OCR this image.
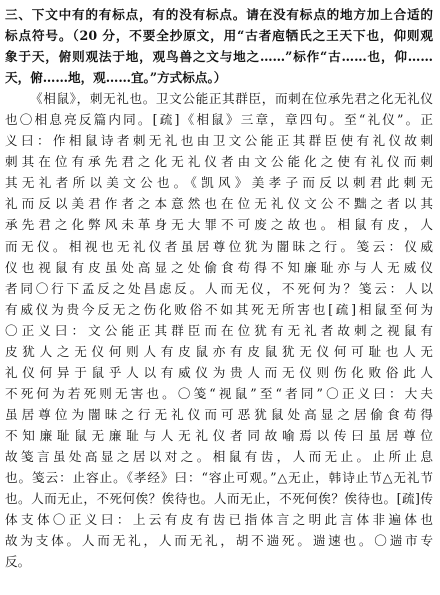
三、下文中有的有标点，有的没有标点。请在没有标点的地方加上合适的
标点符号。（20 分，不要全抄原文，用“古者庖牺氏之王天下也，仰则观
象于天，俯则观法于地，观鸟兽之文与地之……”标作“古……也，仰……
天，俯……地，观……宜。”方式标点。）
《相鼠》，刺无礼也。卫文公能正其群臣，而刺在位承先君之化无礼仪
也〇相息亮反篇内同。[疏]《相鼠》三章，章四句。至“礼仪”。正
义曰：作相鼠诗者刺无礼也由卫文公能正其群臣使有礼仪故刺
刺其在位有承先君之化无礼仪者由文公能化之使有礼仪而刺
其无礼者所以美文公也。《凯风》美孝子而反以刺君此刺无
礼而反以美君作者之本意然也在位无礼仪文公不黜之者以其
承先君之化弊风未革身无大罪不可废之故也。相鼠有皮，人
而无仪。相视也无礼仪者虽居尊位犹为闇昧之行。笺云：仪威
仪也视鼠有皮虽处高显之处偷食苟得不知廉耻亦与人无威仪
者同〇行下孟反之处昌虑反。人而无仪，不死何为？笺云：人以
有威仪为贵今反无之伤化败俗不如其死无所害也[疏]相鼠至何为
〇正义曰：文公能正其群臣而在位犹有无礼者故刺之视鼠有
皮犹人之无仪何则人有皮鼠亦有皮鼠犹无仪何可耻也人无
礼仪何异于鼠乎人以有威仪为贵人而无仪则伤化败俗此人
不死何为若死则无害也。〇笺“视鼠”至“者同”〇正义曰：大夫
虽居尊位为闇昧之行无礼仪而可恶犹鼠处高显之居偷食苟得
不知廉耻鼠无廉耻与人无礼仪者同故喻焉以传曰虽居尊位
故笺言虽处高显之居以对之。相鼠有齿，人而无止。止所止息
也。笺云：止容止。《孝经》曰：“容止可观。”△无止，韩诗止节△无礼节
也。人而无止，不死何俟？俟待也。人而无止，不死何俟？俟待也。[疏]传
体支体〇正义曰：上云有皮有齿已指体言之明此言体非遍体也
故为支体。人而无礼，人而无礼，胡不遄死。遄速也。〇遄市专
反。
